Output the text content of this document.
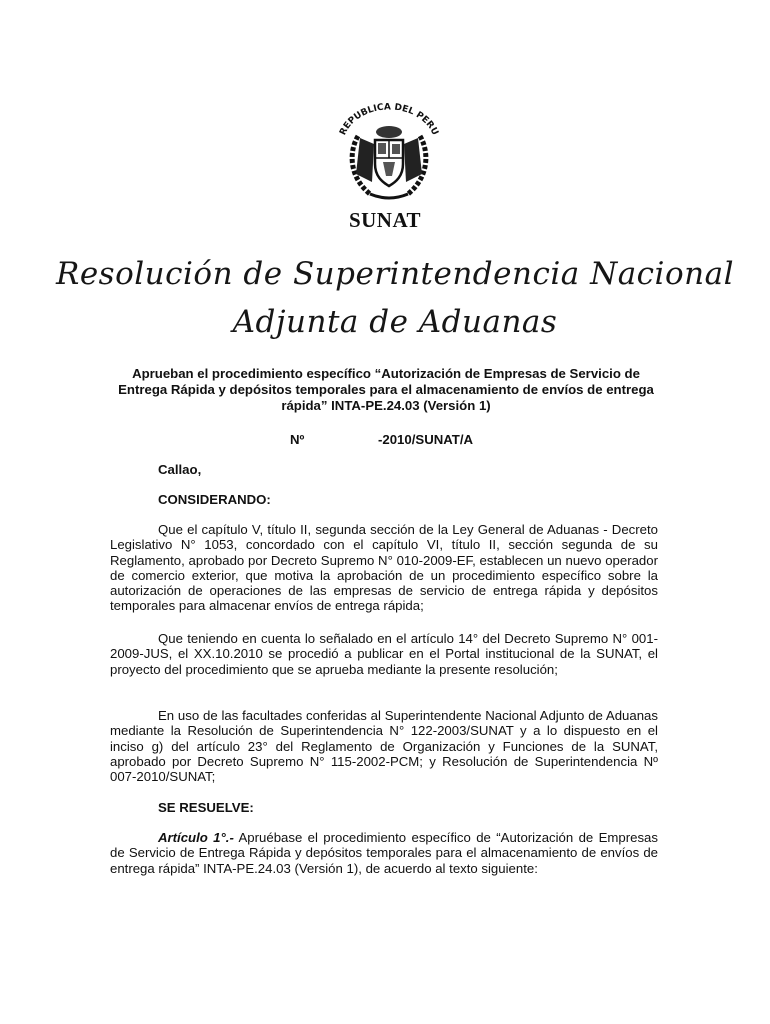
REPUBLICA DEL PERU
SUNAT
Resolución de Superintendencia Nacional
Adjunta de Aduanas
Aprueban el procedimiento específico “Autorización de Empresas de Servicio de Entrega Rápida y depósitos temporales para el almacenamiento de envíos de entrega rápida” INTA-PE.24.03 (Versión 1)
Nº	-2010/SUNAT/A
Callao,
CONSIDERANDO:
Que el capítulo V, título II, segunda sección de la Ley General de Aduanas - Decreto Legislativo N° 1053, concordado con el capítulo VI, título II, sección segunda de su Reglamento, aprobado por Decreto Supremo N° 010-2009-EF, establecen un nuevo operador de comercio exterior, que motiva la aprobación de un procedimiento específico sobre la autorización de operaciones de las empresas de servicio de entrega rápida y depósitos temporales para almacenar envíos de entrega rápida;
Que teniendo en cuenta lo señalado en el artículo 14° del Decreto Supremo N° 001-2009-JUS, el XX.10.2010 se procedió a publicar en el Portal institucional de la SUNAT, el proyecto del procedimiento que se aprueba mediante la presente resolución;
En uso de las facultades conferidas al Superintendente Nacional Adjunto de Aduanas mediante la Resolución de Superintendencia N° 122-2003/SUNAT y a lo dispuesto en el inciso g) del artículo 23° del Reglamento de Organización y Funciones de la SUNAT, aprobado por Decreto Supremo N° 115-2002-PCM; y Resolución de Superintendencia Nº 007-2010/SUNAT;
SE RESUELVE:
Artículo 1°.- Apruébase el procedimiento específico de “Autorización de Empresas de Servicio de Entrega Rápida y depósitos temporales para el almacenamiento de envíos de entrega rápida” INTA-PE.24.03 (Versión 1), de acuerdo al texto siguiente:
